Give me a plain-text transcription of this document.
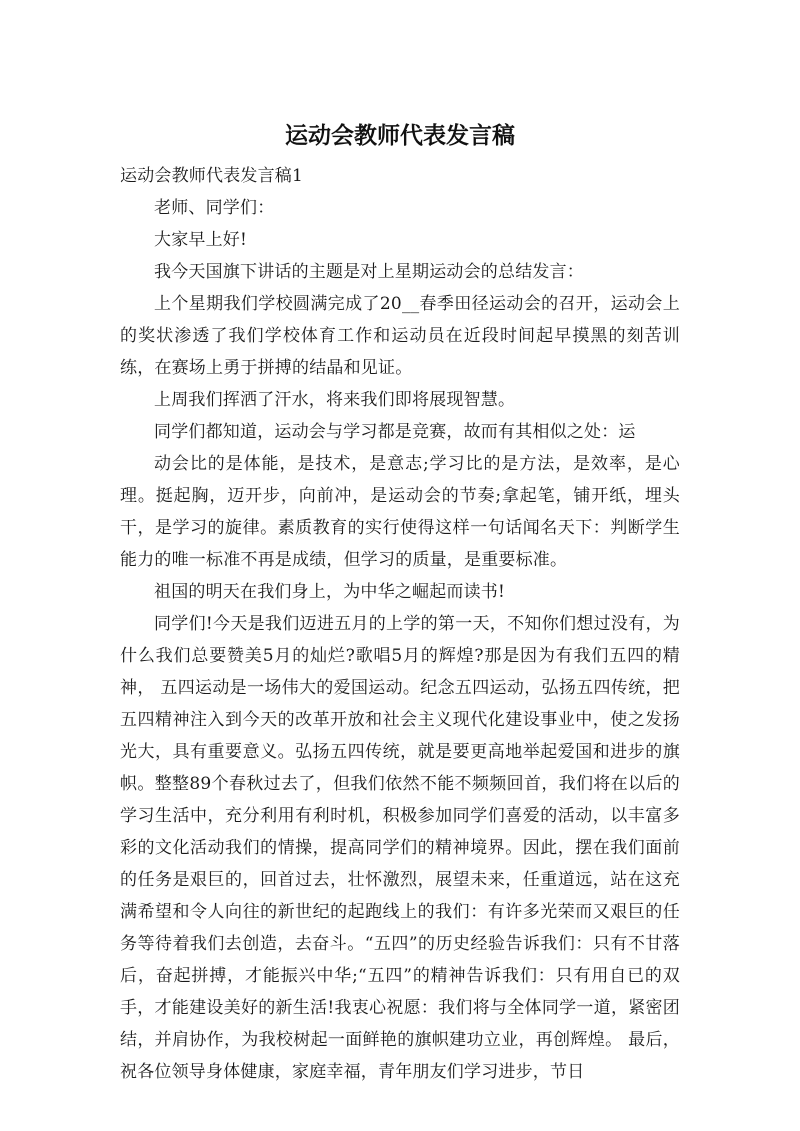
运动会教师代表发言稿

运动会教师代表发言稿1

老师、同学们：

大家早上好!

我今天国旗下讲话的主题是对上星期运动会的总结发言：

上个星期我们学校圆满完成了20__春季田径运动会的召开，运动会上的奖状渗透了我们学校体育工作和运动员在近段时间起早摸黑的刻苦训练，在赛场上勇于拼搏的结晶和见证。

上周我们挥洒了汗水，将来我们即将展现智慧。

同学们都知道，运动会与学习都是竞赛，故而有其相似之处：运

动会比的是体能，是技术，是意志;学习比的是方法，是效率，是心理。挺起胸，迈开步，向前冲，是运动会的节奏;拿起笔，铺开纸，埋头干，是学习的旋律。素质教育的实行使得这样一句话闻名天下：判断学生能力的唯一标准不再是成绩，但学习的质量，是重要标准。

祖国的明天在我们身上，为中华之崛起而读书!

同学们!今天是我们迈进五月的上学的第一天，不知你们想过没有，为什么我们总要赞美5月的灿烂?歌唱5月的辉煌?那是因为有我们五四的精神， 五四运动是一场伟大的爱国运动。纪念五四运动，弘扬五四传统，把五四精神注入到今天的改革开放和社会主义现代化建设事业中，使之发扬光大，具有重要意义。弘扬五四传统，就是要更高地举起爱国和进步的旗帜。整整89个春秋过去了，但我们依然不能不频频回首，我们将在以后的学习生活中，充分利用有利时机，积极参加同学们喜爱的活动，以丰富多彩的文化活动我们的情操，提高同学们的精神境界。因此，摆在我们面前的任务是艰巨的，回首过去，壮怀激烈，展望未来，任重道远，站在这充满希望和令人向往的新世纪的起跑线上的我们：有许多光荣而又艰巨的任务等待着我们去创造，去奋斗。“五四”的历史经验告诉我们：只有不甘落后，奋起拼搏，才能振兴中华;“五四”的精神告诉我们：只有用自已的双手，才能建设美好的新生活!我衷心祝愿：我们将与全体同学一道，紧密团结，并肩协作，为我校树起一面鲜艳的旗帜建功立业，再创辉煌。 最后，祝各位领导身体健康，家庭幸福，青年朋友们学习进步，节日
